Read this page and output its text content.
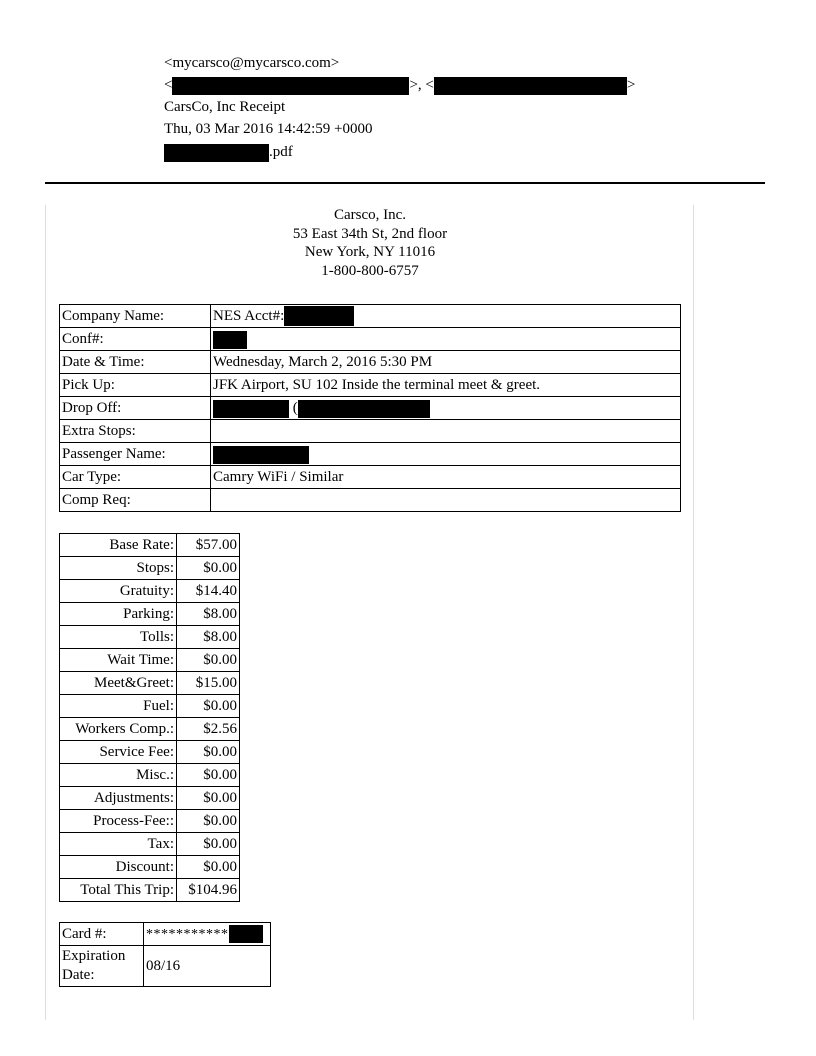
<mycarsco@mycarsco.com>
<	>, <	>
CarsCo, Inc Receipt
Thu, 03 Mar 2016 14:42:59 +0000
.pdf
Carsco, Inc.
53 East 34th St, 2nd floor
New York, NY 11016
1-800-800-6757
Company Name:	NES Acct#:
Conf#:	
Date & Time:	Wednesday, March 2, 2016 5:30 PM
Pick Up:	JFK Airport, SU 102 Inside the terminal meet & greet.
Drop Off:	(
Extra Stops:	
Passenger Name:	
Car Type:	Camry WiFi / Similar
Comp Req:	
Base Rate:	$57.00
Stops:	$0.00
Gratuity:	$14.40
Parking:	$8.00
Tolls:	$8.00
Wait Time:	$0.00
Meet&Greet:	$15.00
Fuel:	$0.00
Workers Comp.:	$2.56
Service Fee:	$0.00
Misc.:	$0.00
Adjustments:	$0.00
Process-Fee::	$0.00
Tax:	$0.00
Discount:	$0.00
Total This Trip:	$104.96
Card #:	***********
Expiration Date:	08/16
